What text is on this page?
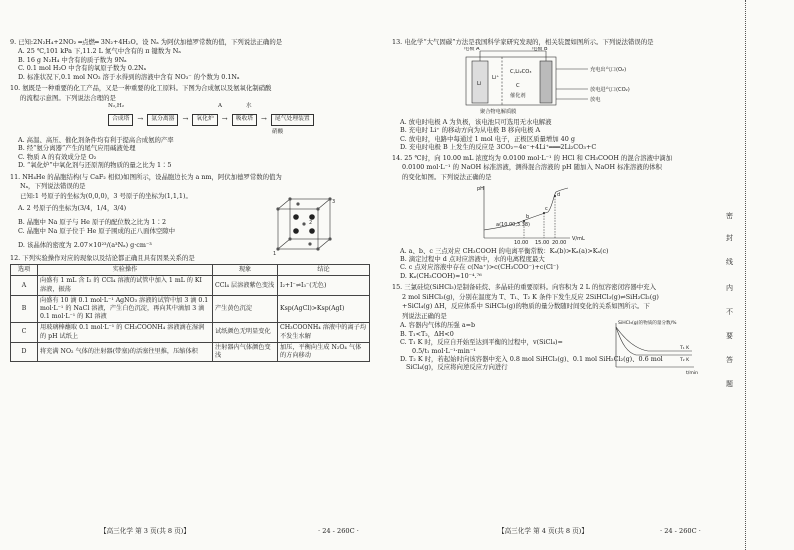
9. 已知:2N₂H₄+2NO₂ ═点燃═ 3N₂+4H₂O。设 Nₐ 为阿伏加德罗常数的值，下列说法正确的是

A. 25 ℃,101 kPa 下,11.2 L 氮气中含有的 π 键数为 Nₐ

B. 16 g N₂H₄ 中含有的质子数为 9Nₐ

C. 0.1 mol H₂O 中含有的氧原子数为 0.2Nₐ

D. 标准状况下,0.1 mol NO₂ 溶于水得到的溶液中含有 NO₃⁻ 的个数为 0.1Nₐ

10. 氨既是一种重要的化工产品，又是一种重要的化工原料。下图为合成氨以及氨氧化制硝酸

的流程示意图。下列说法合理的是

N₂,H₂	A	水
合成塔	→	氨分离器	→	氧化炉	→	吸收塔	→	尾气处理装置
硝酸

A. 高温、高压、催化剂条件均有利于提高合成氨的产率

B. 经“氨分离器”产生的尾气应用碱液处理

C. 物质 A 的有效成分是 O₂

D. “氧化炉”中氧化剂与还原剂的物质的量之比为 1∶5

11. NH₄He 的晶胞结构(与 CaF₂ 相似)如图所示，设晶胞边长为 a nm，阿伏加德罗常数的值为

Nₐ，下列说法错误的是

已知:1 号原子的坐标为(0,0,0)，3 号原子的坐标为(1,1,1)。

A. 2 号原子的坐标为(3/4，1/4，3/4)

B. 晶胞中 Na 原子与 He 原子的配位数之比为 1∶2

C. 晶胞中 Na 原子位于 He 原子围成的正八面体空隙中

D. 该晶体的密度为 2.07×10²³/(a³Nₐ) g·cm⁻³

1
2
3

12. 下列实验操作对应的现象以及结论都正确且具有因果关系的是

选项	实验操作	现象	结论
A	向盛有 1 mL 含 I₂ 的 CCl₄ 溶液的试管中加入 1 mL 的 KI 溶液，振荡	CCl₄ 层溶液紫色变浅	I₂+I⁻⇌I₃⁻(无色)
B	向盛有 10 滴 0.1 mol·L⁻¹ AgNO₃ 溶液的试管中加 3 滴 0.1 mol·L⁻¹ 的 NaCl 溶液，产生白色沉淀，再向其中滴加 3 滴 0.1 mol·L⁻¹ 的 KI 溶液	产生黄色沉淀	Ksp(AgCl)>Ksp(AgI)
C	用玻璃棒蘸取 0.1 mol·L⁻¹ 的 CH₃COONH₄ 溶液滴在湿润的 pH 试纸上	试纸颜色无明显变化	CH₃COONH₄ 溶液中的离子均不发生水解
D	将充满 NO₂ 气体的注射器(带塞)的活塞往里推，压缩体积	注射器内气体颜色变浅	加压，平衡向生成 N₂O₄ 气体的方向移动
【高三化学 第 3 页(共 8 页)】	· 24 - 260C ·

13. 电化学“大气固碳”方法是我国科学家研究发现的，相关装置如图所示。下列说法错误的是

电极 A	电极 B
Li
Li⁺
C,Li₂CO₃
C
催化剂
聚合物电解质膜
充电出气口(O₂)
放电进气口(CO₂)
放电

A. 放电时电极 A 为负极，该电池只可选用无水电解液

B. 充电时 Li⁺ 的移动方向为从电极 B 移向电极 A

C. 放电时，电路中每通过 1 mol 电子，正极区质量增加 40 g

D. 充电时电极 B 上发生的反应是 3CO₂−4e⁻+4Li⁺═══2Li₂CO₃+C

14. 25 ℃时，向 10.00 mL 浓度均为 0.0100 mol·L⁻¹ 的 HCl 和 CH₃COOH 的混合溶液中滴加

0.0100 mol·L⁻¹ 的 NaOH 标准溶液，测得混合溶液的 pH 随加入 NaOH 标准溶液的体积

的变化如图。下列说法正确的是

pH
V/mL
a(10.00,3.38)
b
c
d
10.00 15.00 20.00

A. a、b、c 三点对应 CH₃COOH 的电离平衡常数：Kₐ(b)>Kₐ(a)>Kₐ(c)

B. 滴定过程中 d 点对应溶液中，水的电离程度最大

C. c 点对应溶液中存在 c(Na⁺)>c(CH₃COO⁻)+c(Cl⁻)

D. Kₐ(CH₃COOH)≈10⁻⁴.⁷⁶

15. 三氯硅烷(SiHCl₃)是制备硅烷、多晶硅的重要原料。向容积为 2 L 的恒容密闭容器中充入

2 mol SiHCl₃(g)，分别在温度为 T、T₁、T₂ K 条件下发生反应 2SiHCl₃(g)⇌SiH₂Cl₂(g)

+SiCl₄(g) ΔH，反应体系中 SiHCl₃(g)的物质的量分数随时间变化的关系如图所示。下

列说法正确的是

A. 容器内气体的压强 a=b

B. T₁<T₂，ΔH<0

C. T₁ K 时，反应自开始至达到平衡的过程中，v(SiCl₄)=

0.5/t₁ mol·L⁻¹·min⁻¹

D. T₂ K 时，若起始时向该容器中充入 0.8 mol SiHCl₃(g)、0.1 mol SiH₂Cl₂(g)、0.6 mol

SiCl₄(g)，反应将向逆反应方向进行

SiHCl₃(g)的物质的量分数/%
t/min
T₁ K
T₂ K
【高三化学 第 4 页(共 8 页)】	· 24 - 260C ·
密
封
线
内
不
要
答
题
